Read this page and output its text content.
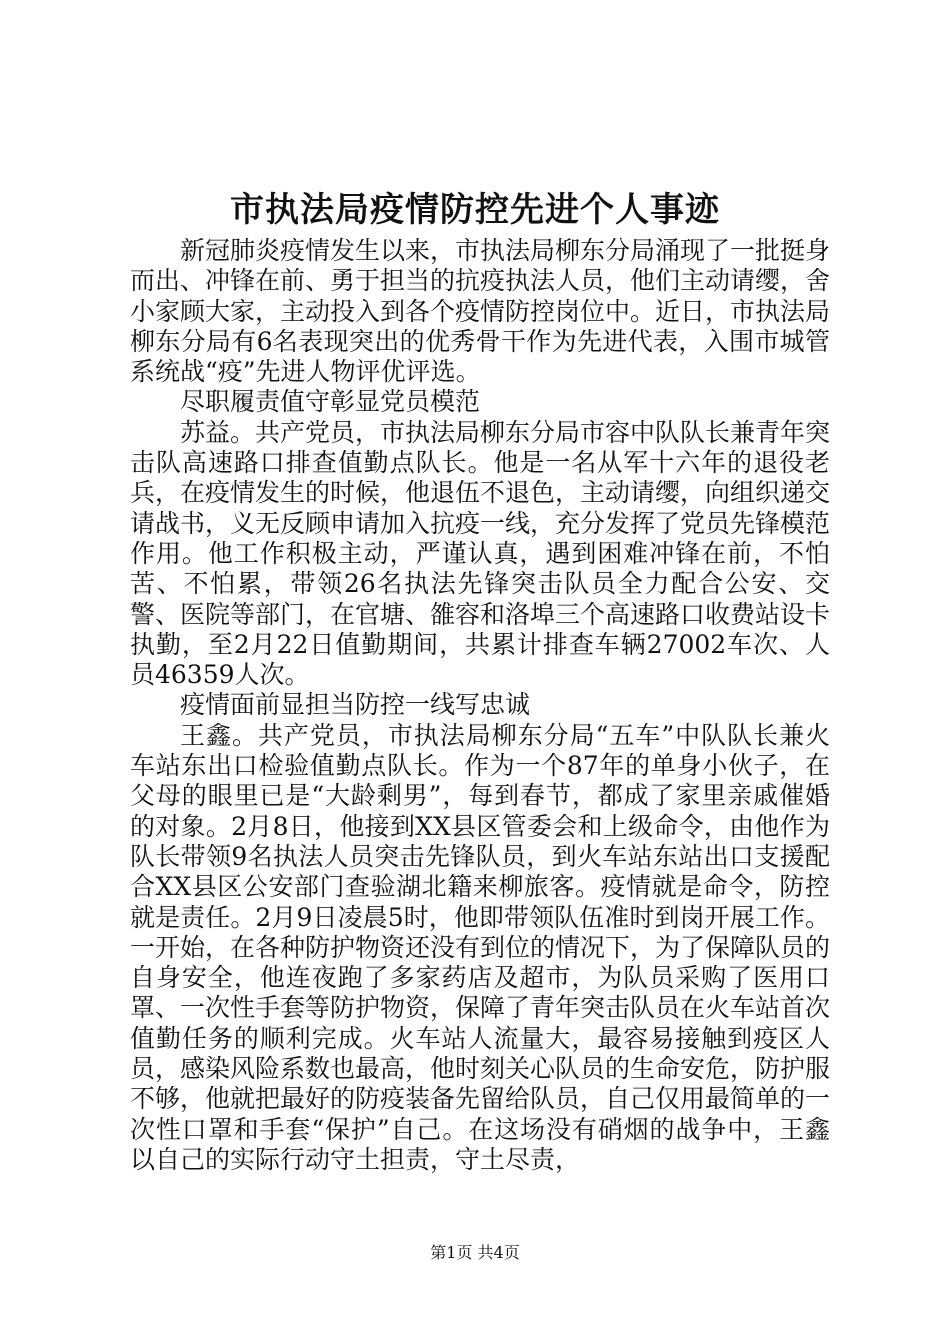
市执法局疫情防控先进个人事迹

新冠肺炎疫情发生以来，市执法局柳东分局涌现了一批挺身而出、冲锋在前、勇于担当的抗疫执法人员，他们主动请缨，舍小家顾大家，主动投入到各个疫情防控岗位中。近日，市执法局柳东分局有6名表现突出的优秀骨干作为先进代表，入围市城管系统战“疫”先进人物评优评选。

尽职履责值守彰显党员模范

苏益。共产党员，市执法局柳东分局市容中队队长兼青年突击队高速路口排查值勤点队长。他是一名从军十六年的退役老兵，在疫情发生的时候，他退伍不退色，主动请缨，向组织递交请战书，义无反顾申请加入抗疫一线，充分发挥了党员先锋模范作用。他工作积极主动，严谨认真，遇到困难冲锋在前，不怕苦、不怕累，带领26名执法先锋突击队员全力配合公安、交警、医院等部门，在官塘、雒容和洛埠三个高速路口收费站设卡执勤，至2月22日值勤期间，共累计排查车辆27002车次、人员46359人次。

疫情面前显担当防控一线写忠诚

王鑫。共产党员，市执法局柳东分局“五车”中队队长兼火车站东出口检验值勤点队长。作为一个87年的单身小伙子，在父母的眼里已是“大龄剩男”，每到春节，都成了家里亲戚催婚的对象。2月8日，他接到XX县区管委会和上级命令，由他作为队长带领9名执法人员突击先锋队员，到火车站东站出口支援配合XX县区公安部门查验湖北籍来柳旅客。疫情就是命令，防控就是责任。2月9日凌晨5时，他即带领队伍准时到岗开展工作。一开始，在各种防护物资还没有到位的情况下，为了保障队员的自身安全，他连夜跑了多家药店及超市，为队员采购了医用口罩、一次性手套等防护物资，保障了青年突击队员在火车站首次值勤任务的顺利完成。火车站人流量大，最容易接触到疫区人员，感染风险系数也最高，他时刻关心队员的生命安危，防护服不够，他就把最好的防疫装备先留给队员，自己仅用最简单的一次性口罩和手套“保护”自己。在这场没有硝烟的战争中，王鑫以自己的实际行动守土担责，守土尽责，

第1页 共4页
